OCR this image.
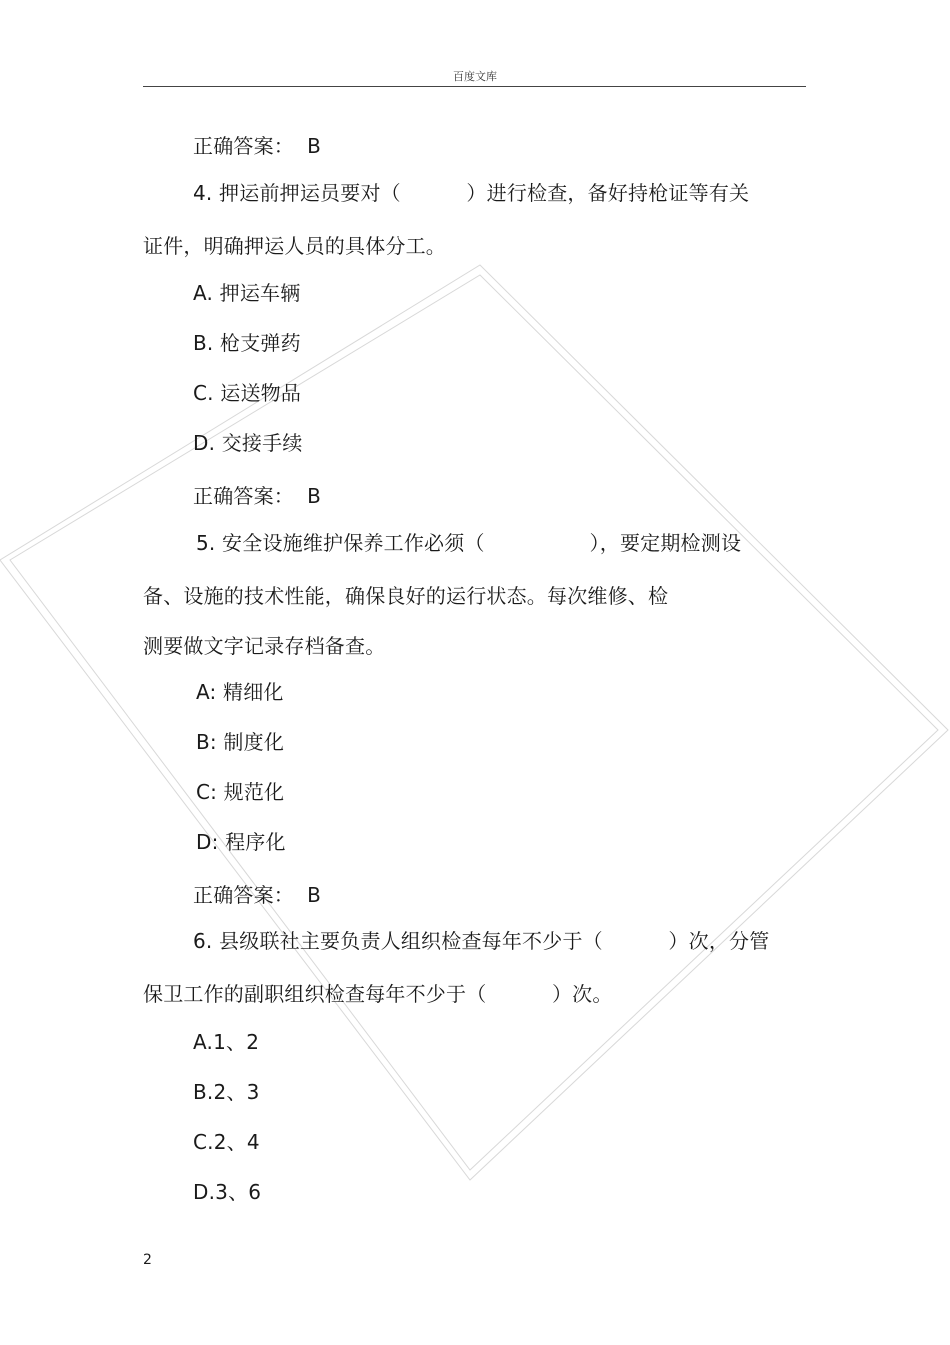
百度文库
正确答案：  B
4. 押运前押运员要对（          ）进行检查，备好持枪证等有关
证件，明确押运人员的具体分工。
A. 押运车辆
B. 枪支弹药
C. 运送物品
D. 交接手续
正确答案：  B
5. 安全设施维护保养工作必须（                ），要定期检测设
备、设施的技术性能，确保良好的运行状态。每次维修、检
测要做文字记录存档备查。
A: 精细化
B: 制度化
C: 规范化
D: 程序化
正确答案：  B
6. 县级联社主要负责人组织检查每年不少于（          ）次，分管
保卫工作的副职组织检查每年不少于（          ）次。
A.1、2
B.2、3
C.2、4
D.3、6
2
